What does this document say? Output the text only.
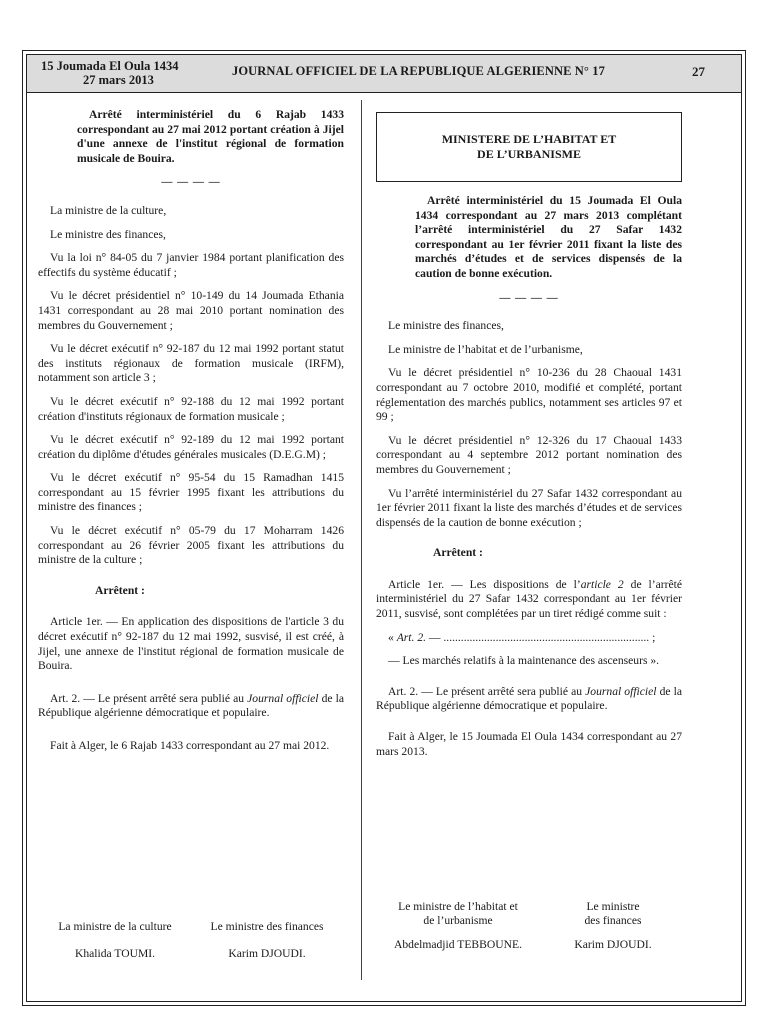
15 Joumada El Oula 1434
27 mars 2013
JOURNAL OFFICIEL DE LA REPUBLIQUE ALGERIENNE N° 17	27

Arrêté interministériel du 6 Rajab 1433 correspondant au 27 mai 2012 portant création à Jijel d'une annexe de l'institut régional de formation musicale de Bouira.

— — — —

La ministre de la culture,

Le ministre des finances,

Vu la loi n° 84-05 du 7 janvier 1984 portant planification des effectifs du système éducatif ;

Vu le décret présidentiel n° 10-149 du 14 Joumada Ethania 1431 correspondant au 28 mai 2010 portant nomination des membres du Gouvernement ;

Vu le décret exécutif n° 92-187 du 12 mai 1992 portant statut des instituts régionaux de formation musicale (IRFM), notamment son article 3 ;

Vu le décret exécutif n° 92-188 du 12 mai 1992 portant création d'instituts régionaux de formation musicale ;

Vu le décret exécutif n° 92-189 du 12 mai 1992 portant création du diplôme d'études générales musicales (D.E.G.M) ;

Vu le décret exécutif n° 95-54 du 15 Ramadhan 1415 correspondant au 15 février 1995 fixant les attributions du ministre des finances ;

Vu le décret exécutif n° 05-79 du 17 Moharram 1426 correspondant au 26 février 2005 fixant les attributions du ministre de la culture ;

Arrêtent :

Article 1er. — En application des dispositions de l'article 3 du décret exécutif n° 92-187 du 12 mai 1992, susvisé, il est créé, à Jijel, une annexe de l'institut régional de formation musicale de Bouira.

Art. 2. — Le présent arrêté sera publié au Journal officiel de la République algérienne démocratique et populaire.

Fait à Alger, le 6 Rajab 1433 correspondant au 27 mai 2012.

La ministre de la culture
Khalida TOUMI.
Le ministre des finances
Karim DJOUDI.
MINISTERE DE L’HABITAT ET
DE L’URBANISME

Arrêté interministériel du 15 Joumada El Oula 1434 correspondant au 27 mars 2013 complétant l’arrêté interministériel du 27 Safar 1432 correspondant au 1er février 2011 fixant la liste des marchés d’études et de services dispensés de la caution de bonne exécution.

— — — —

Le ministre des finances,

Le ministre de l’habitat et de l’urbanisme,

Vu le décret présidentiel n° 10-236 du 28 Chaoual 1431 correspondant au 7 octobre 2010, modifié et complété, portant réglementation des marchés publics, notamment ses articles 97 et 99 ;

Vu le décret présidentiel n° 12-326 du 17 Chaoual 1433 correspondant au 4 septembre 2012 portant nomination des membres du Gouvernement ;

Vu l’arrêté interministériel du 27 Safar 1432 correspondant au 1er février 2011 fixant la liste des marchés d’études et de services dispensés de la caution de bonne exécution ;

Arrêtent :

Article 1er. — Les dispositions de l’article 2 de l’arrêté interministériel du 27 Safar 1432 correspondant au 1er février 2011, susvisé, sont complétées par un tiret rédigé comme suit :

« Art. 2. — ....................................................................... ;

— Les marchés relatifs à la maintenance des ascenseurs ».

Art. 2. — Le présent arrêté sera publié au Journal officiel de la République algérienne démocratique et populaire.

Fait à Alger, le 15 Joumada El Oula 1434 correspondant au 27 mars 2013.

Le ministre de l’habitat et
de l’urbanisme
Abdelmadjid TEBBOUNE.
Le ministre
des finances
Karim DJOUDI.
